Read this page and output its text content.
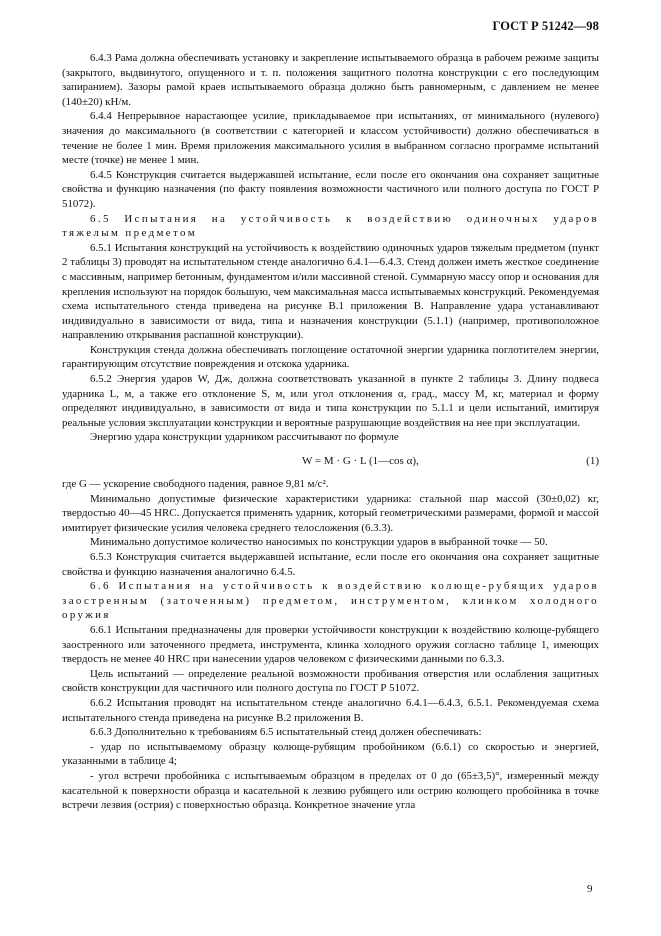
ГОСТ Р 51242—98

6.4.3 Рама должна обеспечивать установку и закрепление испытываемого образца в рабочем режиме защиты (закрытого, выдвинутого, опущенного и т. п. положения защитного полотна конструкции с его последующим запиранием). Зазоры рамой краев испытываемого образца должно быть равномерным, с давлением не менее (140±20) кН/м.

6.4.4 Непрерывное нарастающее усилие, прикладываемое при испытаниях, от минимального (нулевого) значения до максимального (в соответствии с категорией и классом устойчивости) должно обеспечиваться в течение не более 1 мин. Время приложения максимального усилия в выбранном согласно программе испытаний месте (точке) не менее 1 мин.

6.4.5 Конструкция считается выдержавшей испытание, если после его окончания она сохраняет защитные свойства и функцию назначения (по факту появления возможности частичного или полного доступа по ГОСТ Р 51072).

6.5 Испытания на устойчивость к воздействию одиночных ударов тяжелым предметом

6.5.1 Испытания конструкций на устойчивость к воздействию одиночных ударов тяжелым предметом (пункт 2 таблицы 3) проводят на испытательном стенде аналогично 6.4.1—6.4.3. Стенд должен иметь жесткое соединение с массивным, например бетонным, фундаментом и/или массивной стеной. Суммарную массу опор и основания для крепления используют на порядок большую, чем максимальная масса испытываемых конструкций. Рекомендуемая схема испытательного стенда приведена на рисунке В.1 приложения В. Направление удара устанавливают индивидуально в зависимости от вида, типа и назначения конструкции (5.1.1) (например, противоположное направлению открывания распашной конструкции).

Конструкция стенда должна обеспечивать поглощение остаточной энергии ударника поглотителем энергии, гарантирующим отсутствие повреждения и отскока ударника.

6.5.2 Энергия ударов W, Дж, должна соответствовать указанной в пункте 2 таблицы 3. Длину подвеса ударника L, м, а также его отклонение S, м, или угол отклонения α, град., массу M, кг, материал и форму определяют индивидуально, в зависимости от вида и типа конструкции по 5.1.1 и цели испытаний, имитируя реальные условия эксплуатации конструкции и вероятные разрушающие воздействия на нее при эксплуатации.

Энергию удара конструкции ударником рассчитывают по формуле

W = M · G · L (1—cos α),	(1)

где G — ускорение свободного падения, равное 9,81 м/с².

Минимально допустимые физические характеристики ударника: стальной шар массой (30±0,02) кг, твердостью 40—45 HRC. Допускается применять ударник, который геометрическими размерами, формой и массой имитирует физические усилия человека среднего телосложения (6.3.3).

Минимально допустимое количество наносимых по конструкции ударов в выбранной точке — 50.

6.5.3 Конструкция считается выдержавшей испытание, если после его окончания она сохраняет защитные свойства и функцию назначения аналогично 6.4.5.

6.6 Испытания на устойчивость к воздействию колюще-рубящих ударов заостренным (заточенным) предметом, инструментом, клинком холодного оружия

6.6.1 Испытания предназначены для проверки устойчивости конструкции к воздействию колюще-рубящего заостренного или заточенного предмета, инструмента, клинка холодного оружия согласно таблице 1, имеющих твердость не менее 40 HRC при нанесении ударов человеком с физическими данными по 6.3.3.

Цель испытаний — определение реальной возможности пробивания отверстия или ослабления защитных свойств конструкции для частичного или полного доступа по ГОСТ Р 51072.

6.6.2 Испытания проводят на испытательном стенде аналогично 6.4.1—6.4.3, 6.5.1. Рекомендуемая схема испытательного стенда приведена на рисунке В.2 приложения В.

6.6.3 Дополнительно к требованиям 6.5 испытательный стенд должен обеспечивать:

- удар по испытываемому образцу колюще-рубящим пробойником (6.6.1) со скоростью и энергией, указанными в таблице 4;

- угол встречи пробойника с испытываемым образцом в пределах от 0 до (65±3,5)°, измеренный между касательной к поверхности образца и касательной к лезвию рубящего или острию колющего пробойника в точке встречи лезвия (острия) с поверхностью образца. Конкретное значение угла

9
